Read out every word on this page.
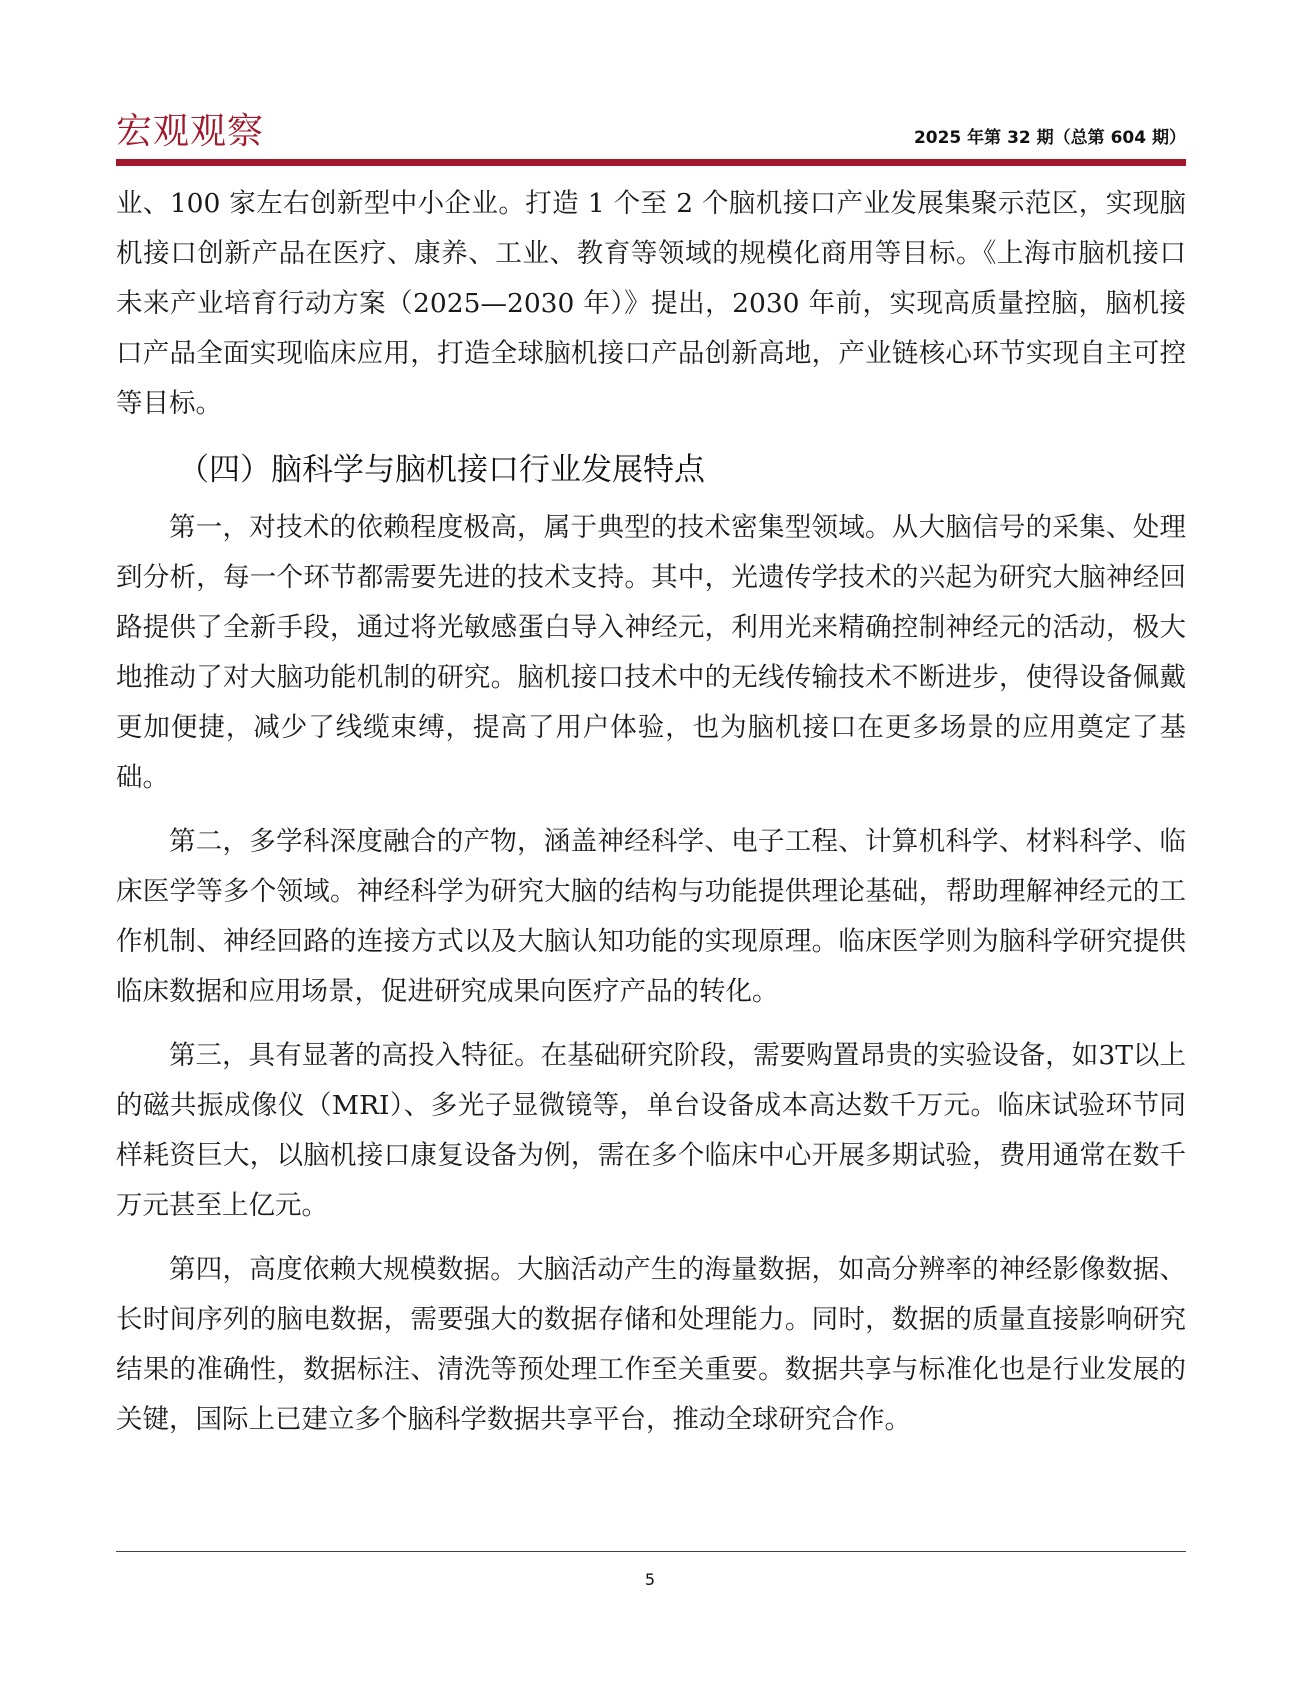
宏观观察	2025 年第 32 期（总第 604 期）

业、100 家左右创新型中小企业。打造 1 个至 2 个脑机接口产业发展集聚示范区，实现脑机接口创新产品在医疗、康养、工业、教育等领域的规模化商用等目标。《上海市脑机接口未来产业培育行动方案（2025—2030 年）》提出，2030 年前，实现高质量控脑，脑机接口产品全面实现临床应用，打造全球脑机接口产品创新高地，产业链核心环节实现自主可控等目标。

（四）脑科学与脑机接口行业发展特点

第一，对技术的依赖程度极高，属于典型的技术密集型领域。从大脑信号的采集、处理到分析，每一个环节都需要先进的技术支持。其中，光遗传学技术的兴起为研究大脑神经回路提供了全新手段，通过将光敏感蛋白导入神经元，利用光来精确控制神经元的活动，极大地推动了对大脑功能机制的研究。脑机接口技术中的无线传输技术不断进步，使得设备佩戴更加便捷，减少了线缆束缚，提高了用户体验，也为脑机接口在更多场景的应用奠定了基础。

第二，多学科深度融合的产物，涵盖神经科学、电子工程、计算机科学、材料科学、临床医学等多个领域。神经科学为研究大脑的结构与功能提供理论基础，帮助理解神经元的工作机制、神经回路的连接方式以及大脑认知功能的实现原理。临床医学则为脑科学研究提供临床数据和应用场景，促进研究成果向医疗产品的转化。

第三，具有显著的高投入特征。在基础研究阶段，需要购置昂贵的实验设备，如3T以上的磁共振成像仪（MRI）、多光子显微镜等，单台设备成本高达数千万元。临床试验环节同样耗资巨大，以脑机接口康复设备为例，需在多个临床中心开展多期试验，费用通常在数千万元甚至上亿元。

第四，高度依赖大规模数据。大脑活动产生的海量数据，如高分辨率的神经影像数据、长时间序列的脑电数据，需要强大的数据存储和处理能力。同时，数据的质量直接影响研究结果的准确性，数据标注、清洗等预处理工作至关重要。数据共享与标准化也是行业发展的关键，国际上已建立多个脑科学数据共享平台，推动全球研究合作。

5
